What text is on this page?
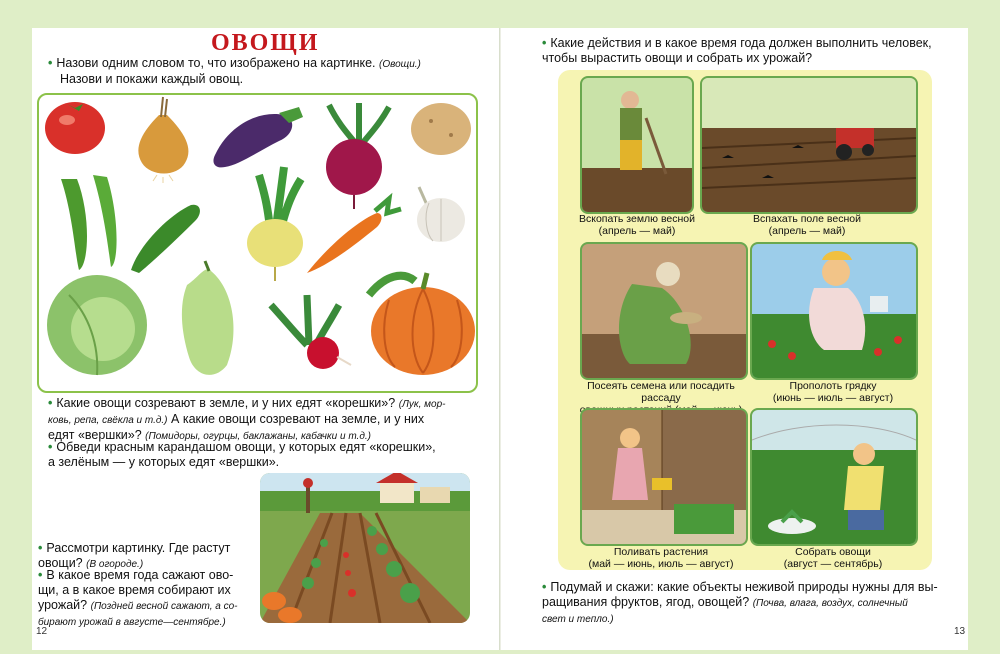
ОВОЩИ
• Назови одним словом то, что изображено на картинке. (Овощи.)
Назови и покажи каждый овощ.
• Какие овощи созревают в земле, и у них едят «корешки»? (Лук, мор-
ковь, репа, свёкла и т.д.) А какие овощи созревают на земле, и у них
едят «вершки»? (Помидоры, огурцы, баклажаны, кабачки и т.д.)
• Обведи красным карандашом овощи, у которых едят «корешки»,
а зелёным — у которых едят «вершки».
• Рассмотри картинку. Где растут
овощи? (В огороде.)
• В какое время года сажают ово-
щи, а в какое время собирают их
урожай? (Поздней весной сажают, а со-
бирают урожай в августе—сентябре.)
12
• Какие действия и в какое время года должен выполнить человек,
чтобы вырастить овощи и собрать их урожай?
Вскопать землю весной
(апрель — май)
Вспахать поле весной
(апрель — май)
Посеять семена или посадить рассаду

Прополоть грядку
(июнь — июль — август)
Поливать растения
(май — июнь, июль — август)
Собрать овощи
(август — сентябрь)
• Подумай и скажи: какие объекты неживой природы нужны для вы-
ращивания фруктов, ягод, овощей? (Почва, влага, воздух, солнечный
свет и тепло.)
13
